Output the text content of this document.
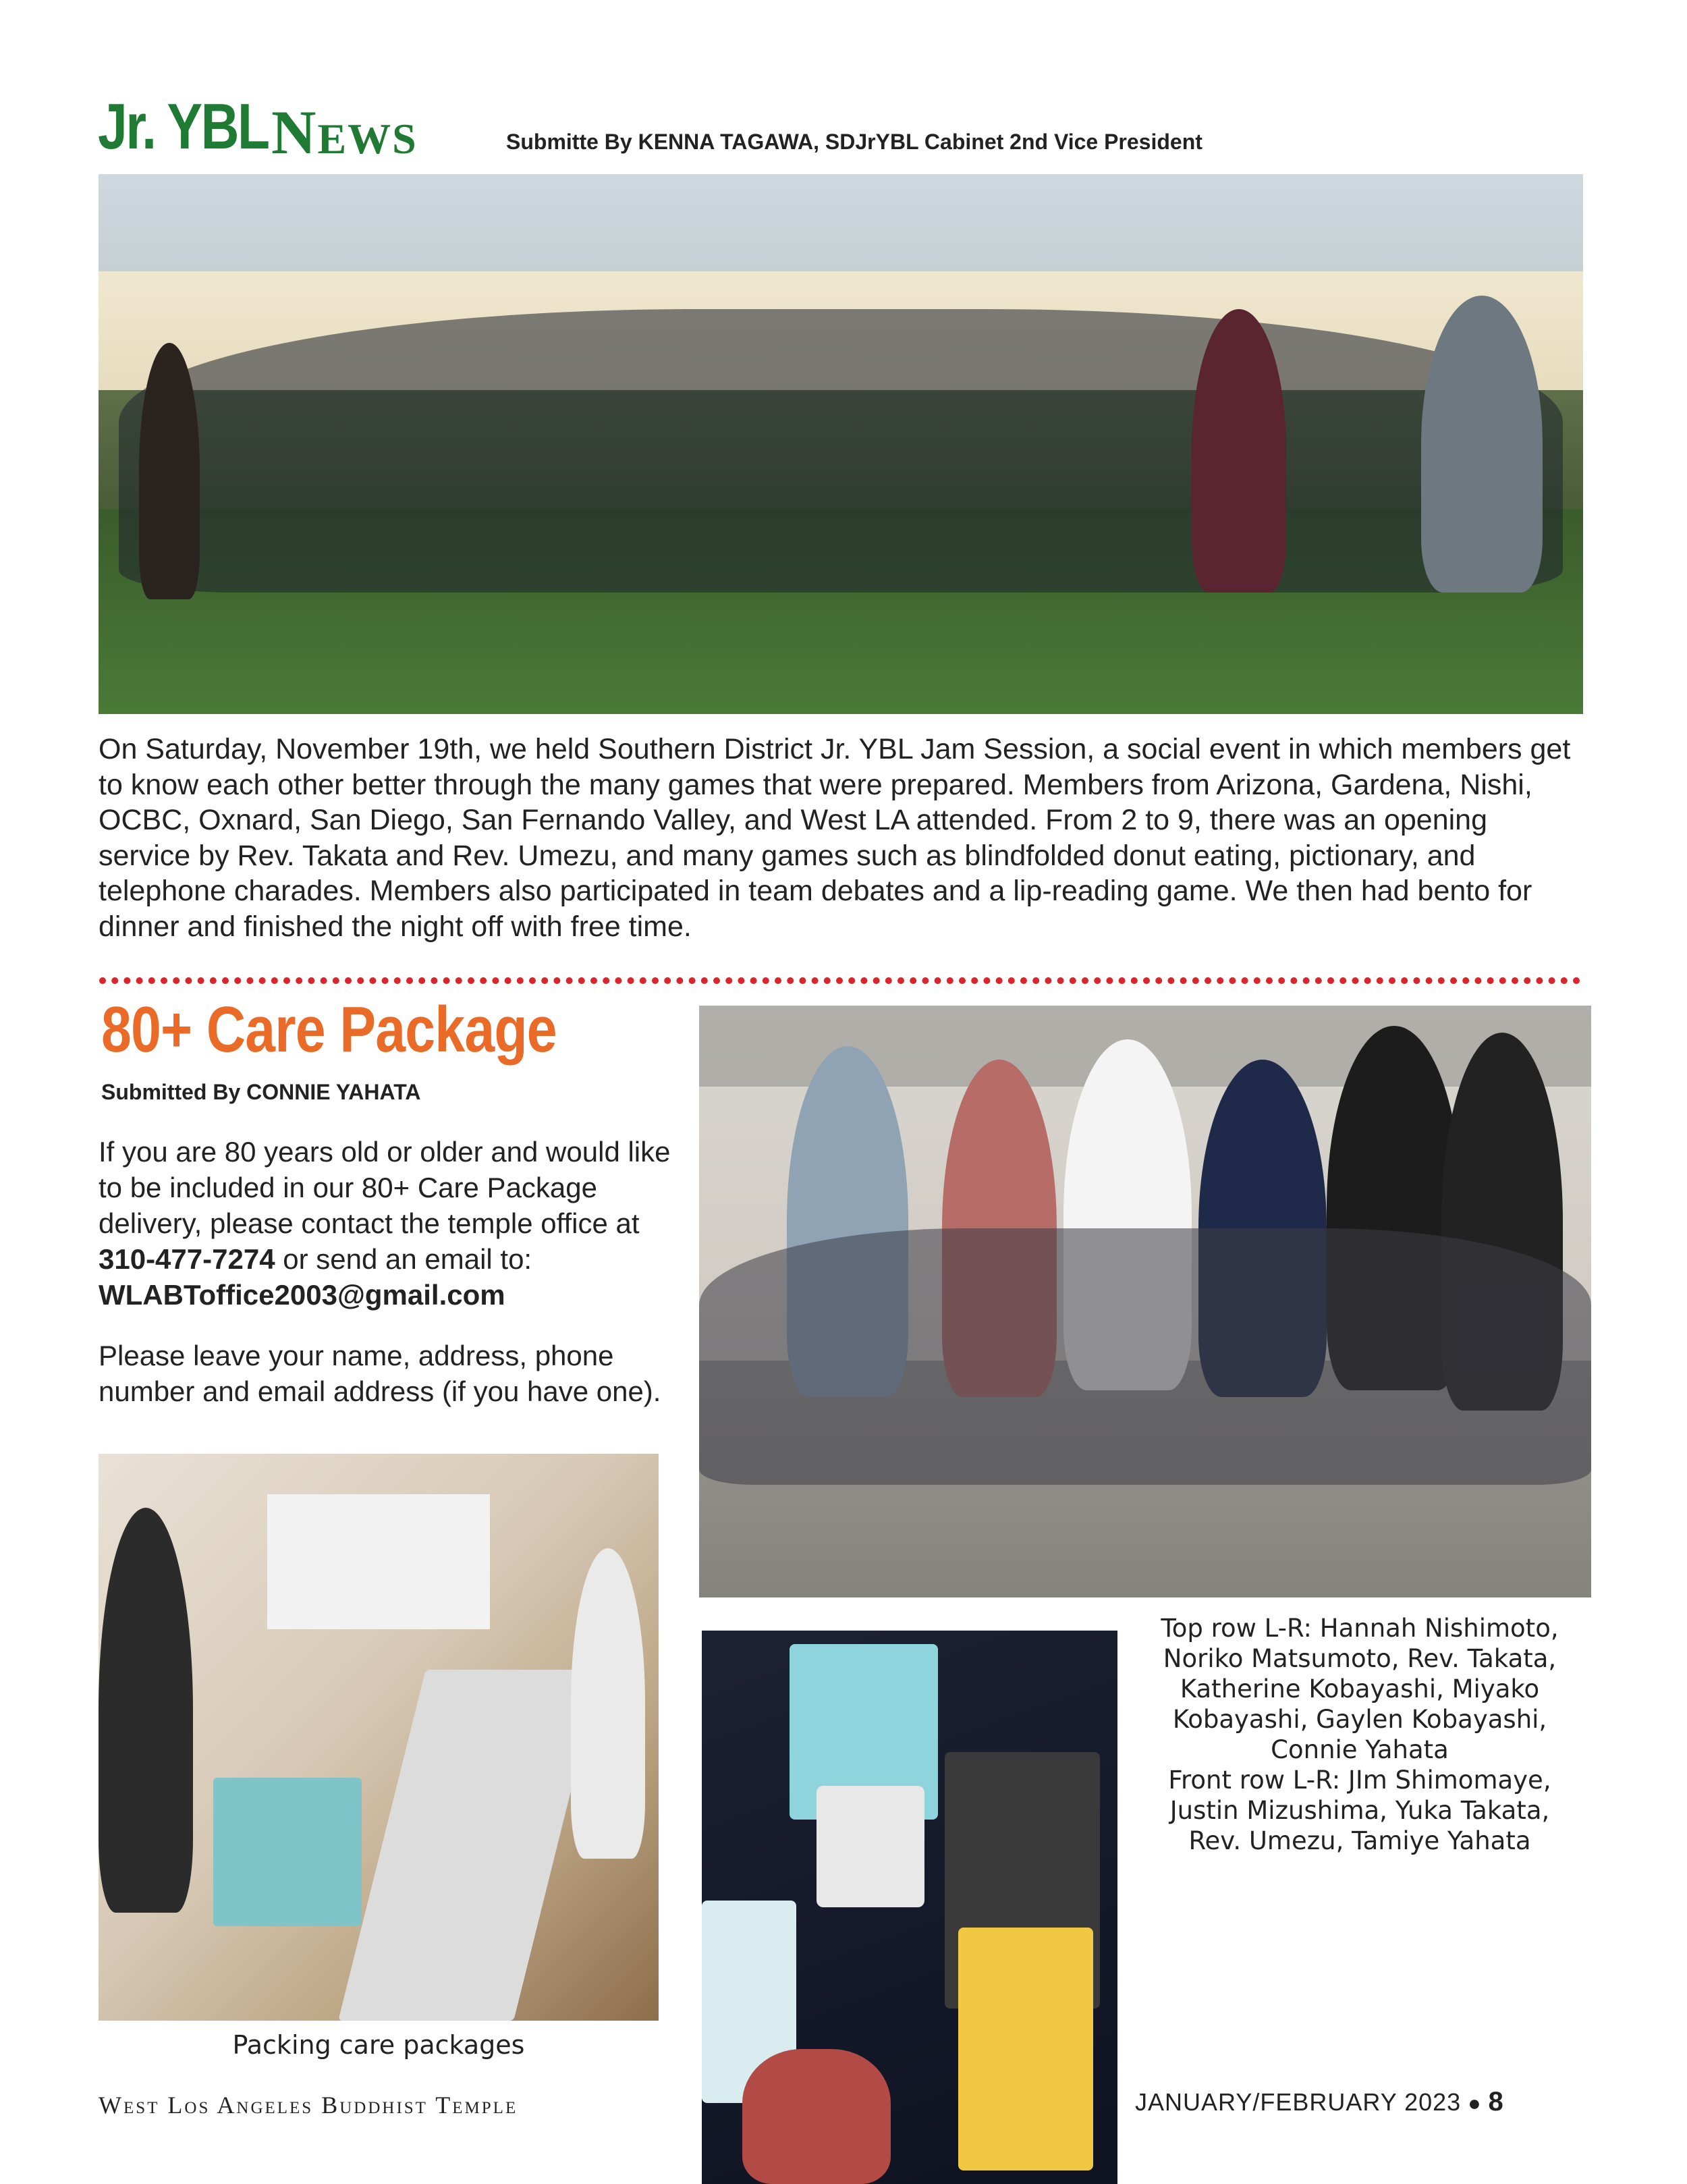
Jr. YBL News	Submitte By KENNA TAGAWA, SDJrYBL Cabinet 2nd Vice President
On Saturday, November 19th, we held Southern District Jr. YBL Jam Session, a social event in which members get to know each other better through the many games that were prepared. Members from Arizona, Gardena, Nishi, OCBC, Oxnard, San Diego, San Fernando Valley, and West LA attended. From 2 to 9, there was an opening service by Rev. Takata and Rev. Umezu, and many games such as blindfolded donut eating, pictionary, and telephone charades. Members also participated in team debates and a lip-reading game. We then had bento for dinner and finished the night off with free time.
80+ Care Package
Submitted By CONNIE YAHATA
If you are 80 years old or older and would like to be included in our 80+ Care Package delivery, please contact the temple office at 310-477-7274 or send an email to: WLABToffice2003@gmail.com
Please leave your name, address, phone number and email address (if you have one).
Top row L-R: Hannah Nishimoto,
Noriko Matsumoto, Rev. Takata,
Katherine Kobayashi, Miyako
Kobayashi, Gaylen Kobayashi,
Connie Yahata
Front row L-R: JIm Shimomaye,
Justin Mizushima, Yuka Takata,
Rev. Umezu, Tamiye Yahata
Packing care packages
West Los Angeles Buddhist Temple	JANUARY/FEBRUARY 2023 ● 8
